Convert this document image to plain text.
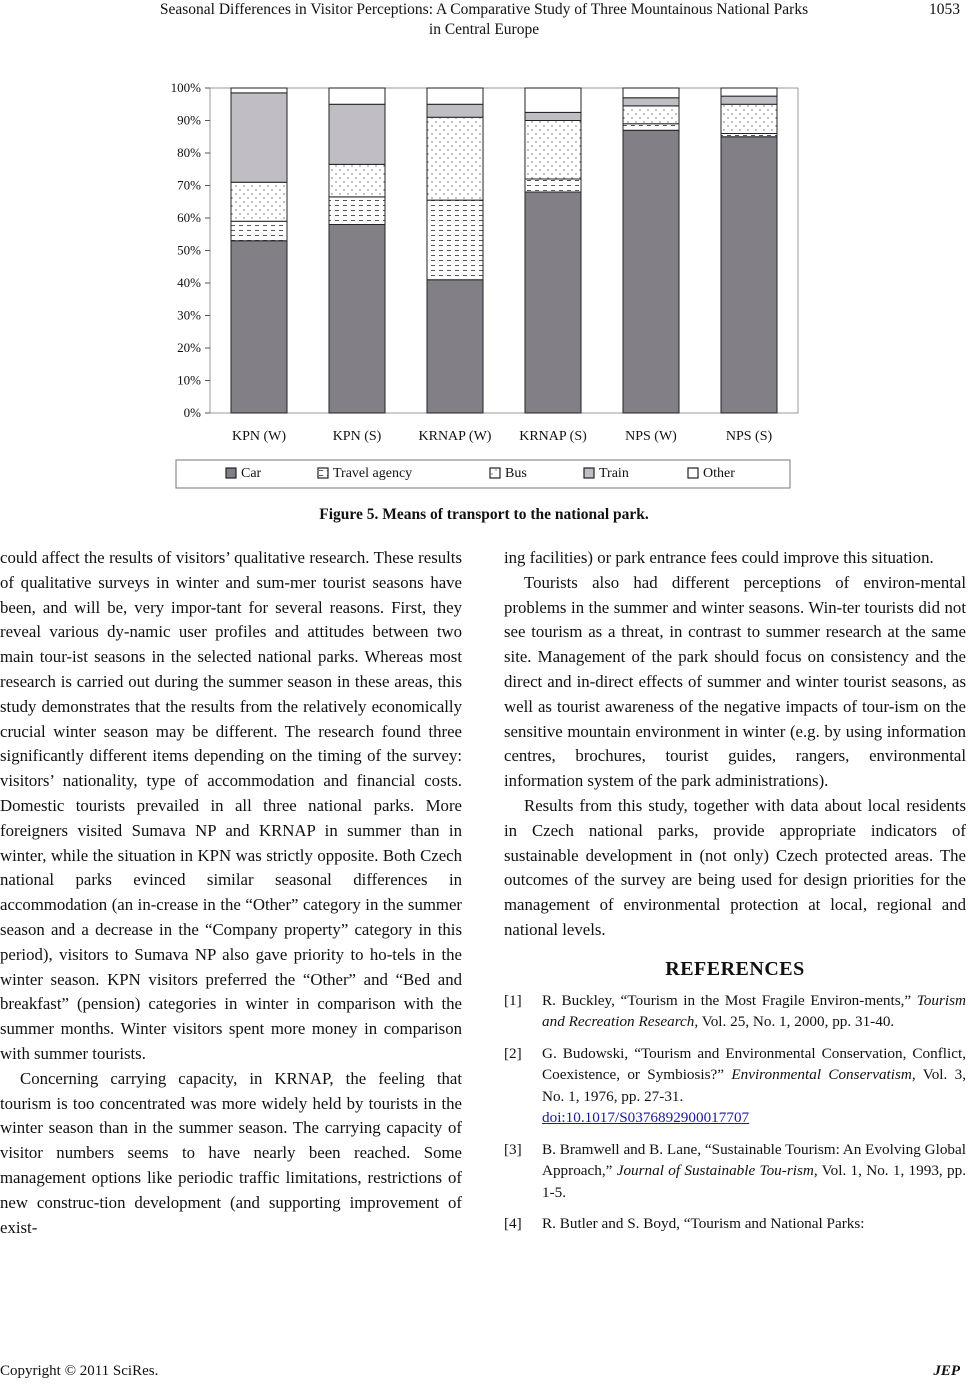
Seasonal Differences in Visitor Perceptions: A Comparative Study of Three Mountainous National Parks
in Central Europe
1053
0%
10%
20%
30%
40%
50%
60%
70%
80%
90%
100%
KPN (W)	KPN (S)	KRNAP (W) KRNAP (S)	NPS (W)	NPS (S)
Car	Travel agency	Bus	Train	Other
Figure 5. Means of transport to the national park.

could affect the results of visitors’ qualitative research. These results of qualitative surveys in winter and sum-mer tourist seasons have been, and will be, very impor-tant for several reasons. First, they reveal various dy-namic user profiles and attitudes between two main tour-ist seasons in the selected national parks. Whereas most research is carried out during the summer season in these areas, this study demonstrates that the results from the relatively economically crucial winter season may be different. The research found three significantly different items depending on the timing of the survey: visitors’ nationality, type of accommodation and financial costs. Domestic tourists prevailed in all three national parks. More foreigners visited Sumava NP and KRNAP in summer than in winter, while the situation in KPN was strictly opposite. Both Czech national parks evinced similar seasonal differences in accommodation (an in-crease in the “Other” category in the summer season and a decrease in the “Company property” category in this period), visitors to Sumava NP also gave priority to ho-tels in the winter season. KPN visitors preferred the “Other” and “Bed and breakfast” (pension) categories in winter in comparison with the summer months. Winter visitors spent more money in comparison with summer tourists.

Concerning carrying capacity, in KRNAP, the feeling that tourism is too concentrated was more widely held by tourists in the winter season than in the summer season. The carrying capacity of visitor numbers seems to have nearly been reached. Some management options like periodic traffic limitations, restrictions of new construc-tion development (and supporting improvement of exist-

ing facilities) or park entrance fees could improve this situation.

Tourists also had different perceptions of environ-mental problems in the summer and winter seasons. Win-ter tourists did not see tourism as a threat, in contrast to summer research at the same site. Management of the park should focus on consistency and the direct and in-direct effects of summer and winter tourist seasons, as well as tourist awareness of the negative impacts of tour-ism on the sensitive mountain environment in winter (e.g. by using information centres, brochures, tourist guides, rangers, environmental information system of the park administrations).

Results from this study, together with data about local residents in Czech national parks, provide appropriate indicators of sustainable development in (not only) Czech protected areas. The outcomes of the survey are being used for design priorities for the management of environmental protection at local, regional and national levels.

REFERENCES
[1] R. Buckley, “Tourism in the Most Fragile Environ-ments,” Tourism and Recreation Research, Vol. 25, No. 1, 2000, pp. 31-40.
[2] G. Budowski, “Tourism and Environmental Conservation, Conflict, Coexistence, or Symbiosis?” Environmental Conservatism, Vol. 3, No. 1, 1976, pp. 27-31.
doi:10.1017/S0376892900017707
[3] B. Bramwell and B. Lane, “Sustainable Tourism: An Evolving Global Approach,” Journal of Sustainable Tou-rism, Vol. 1, No. 1, 1993, pp. 1-5.
[4] R. Butler and S. Boyd, “Tourism and National Parks:
Copyright © 2011 SciRes.	JEP
